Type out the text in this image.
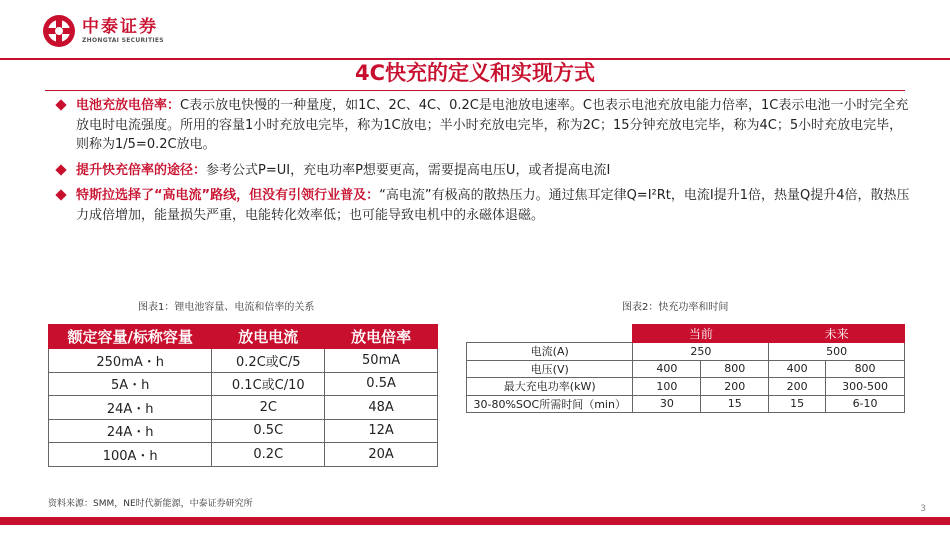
中泰证券
ZHONGTAI SECURITIES
4C快充的定义和实现方式
电池充放电倍率：C表示放电快慢的一种量度，如1C、2C、4C、0.2C是电池放电速率。C也表示电池充放电能力倍率，1C表示电池一小时完全充放电时电流强度。所用的容量1小时充放电完毕，称为1C放电；半小时充放电完毕，称为2C；15分钟充放电完毕，称为4C；5小时充放电完毕，则称为1/5=0.2C放电。
提升快充倍率的途径：参考公式P=UI，充电功率P想要更高，需要提高电压U，或者提高电流I
特斯拉选择了“高电流”路线，但没有引领行业普及：“高电流”有极高的散热压力。通过焦耳定律Q=I²Rt，电流I提升1倍，热量Q提升4倍，散热压力成倍增加，能量损失严重，电能转化效率低；也可能导致电机中的永磁体退磁。
图表1：锂电池容量、电流和倍率的关系	图表2：快充功率和时间
额定容量/标称容量	放电电流	放电倍率
250mA・h	0.2C或C/5	50mA
5A・h	0.1C或C/10	0.5A
24A・h	2C	48A
24A・h	0.5C	12A
100A・h	0.2C	20A
	当前		未来	
电流(A)	250		500	
电压(V)	400	800	400	800
最大充电功率(kW)	100	200	200	300-500
30-80%SOC所需时间（min）	30	15	15	6-10
资料来源：SMM，NE时代新能源，中泰证券研究所	3
